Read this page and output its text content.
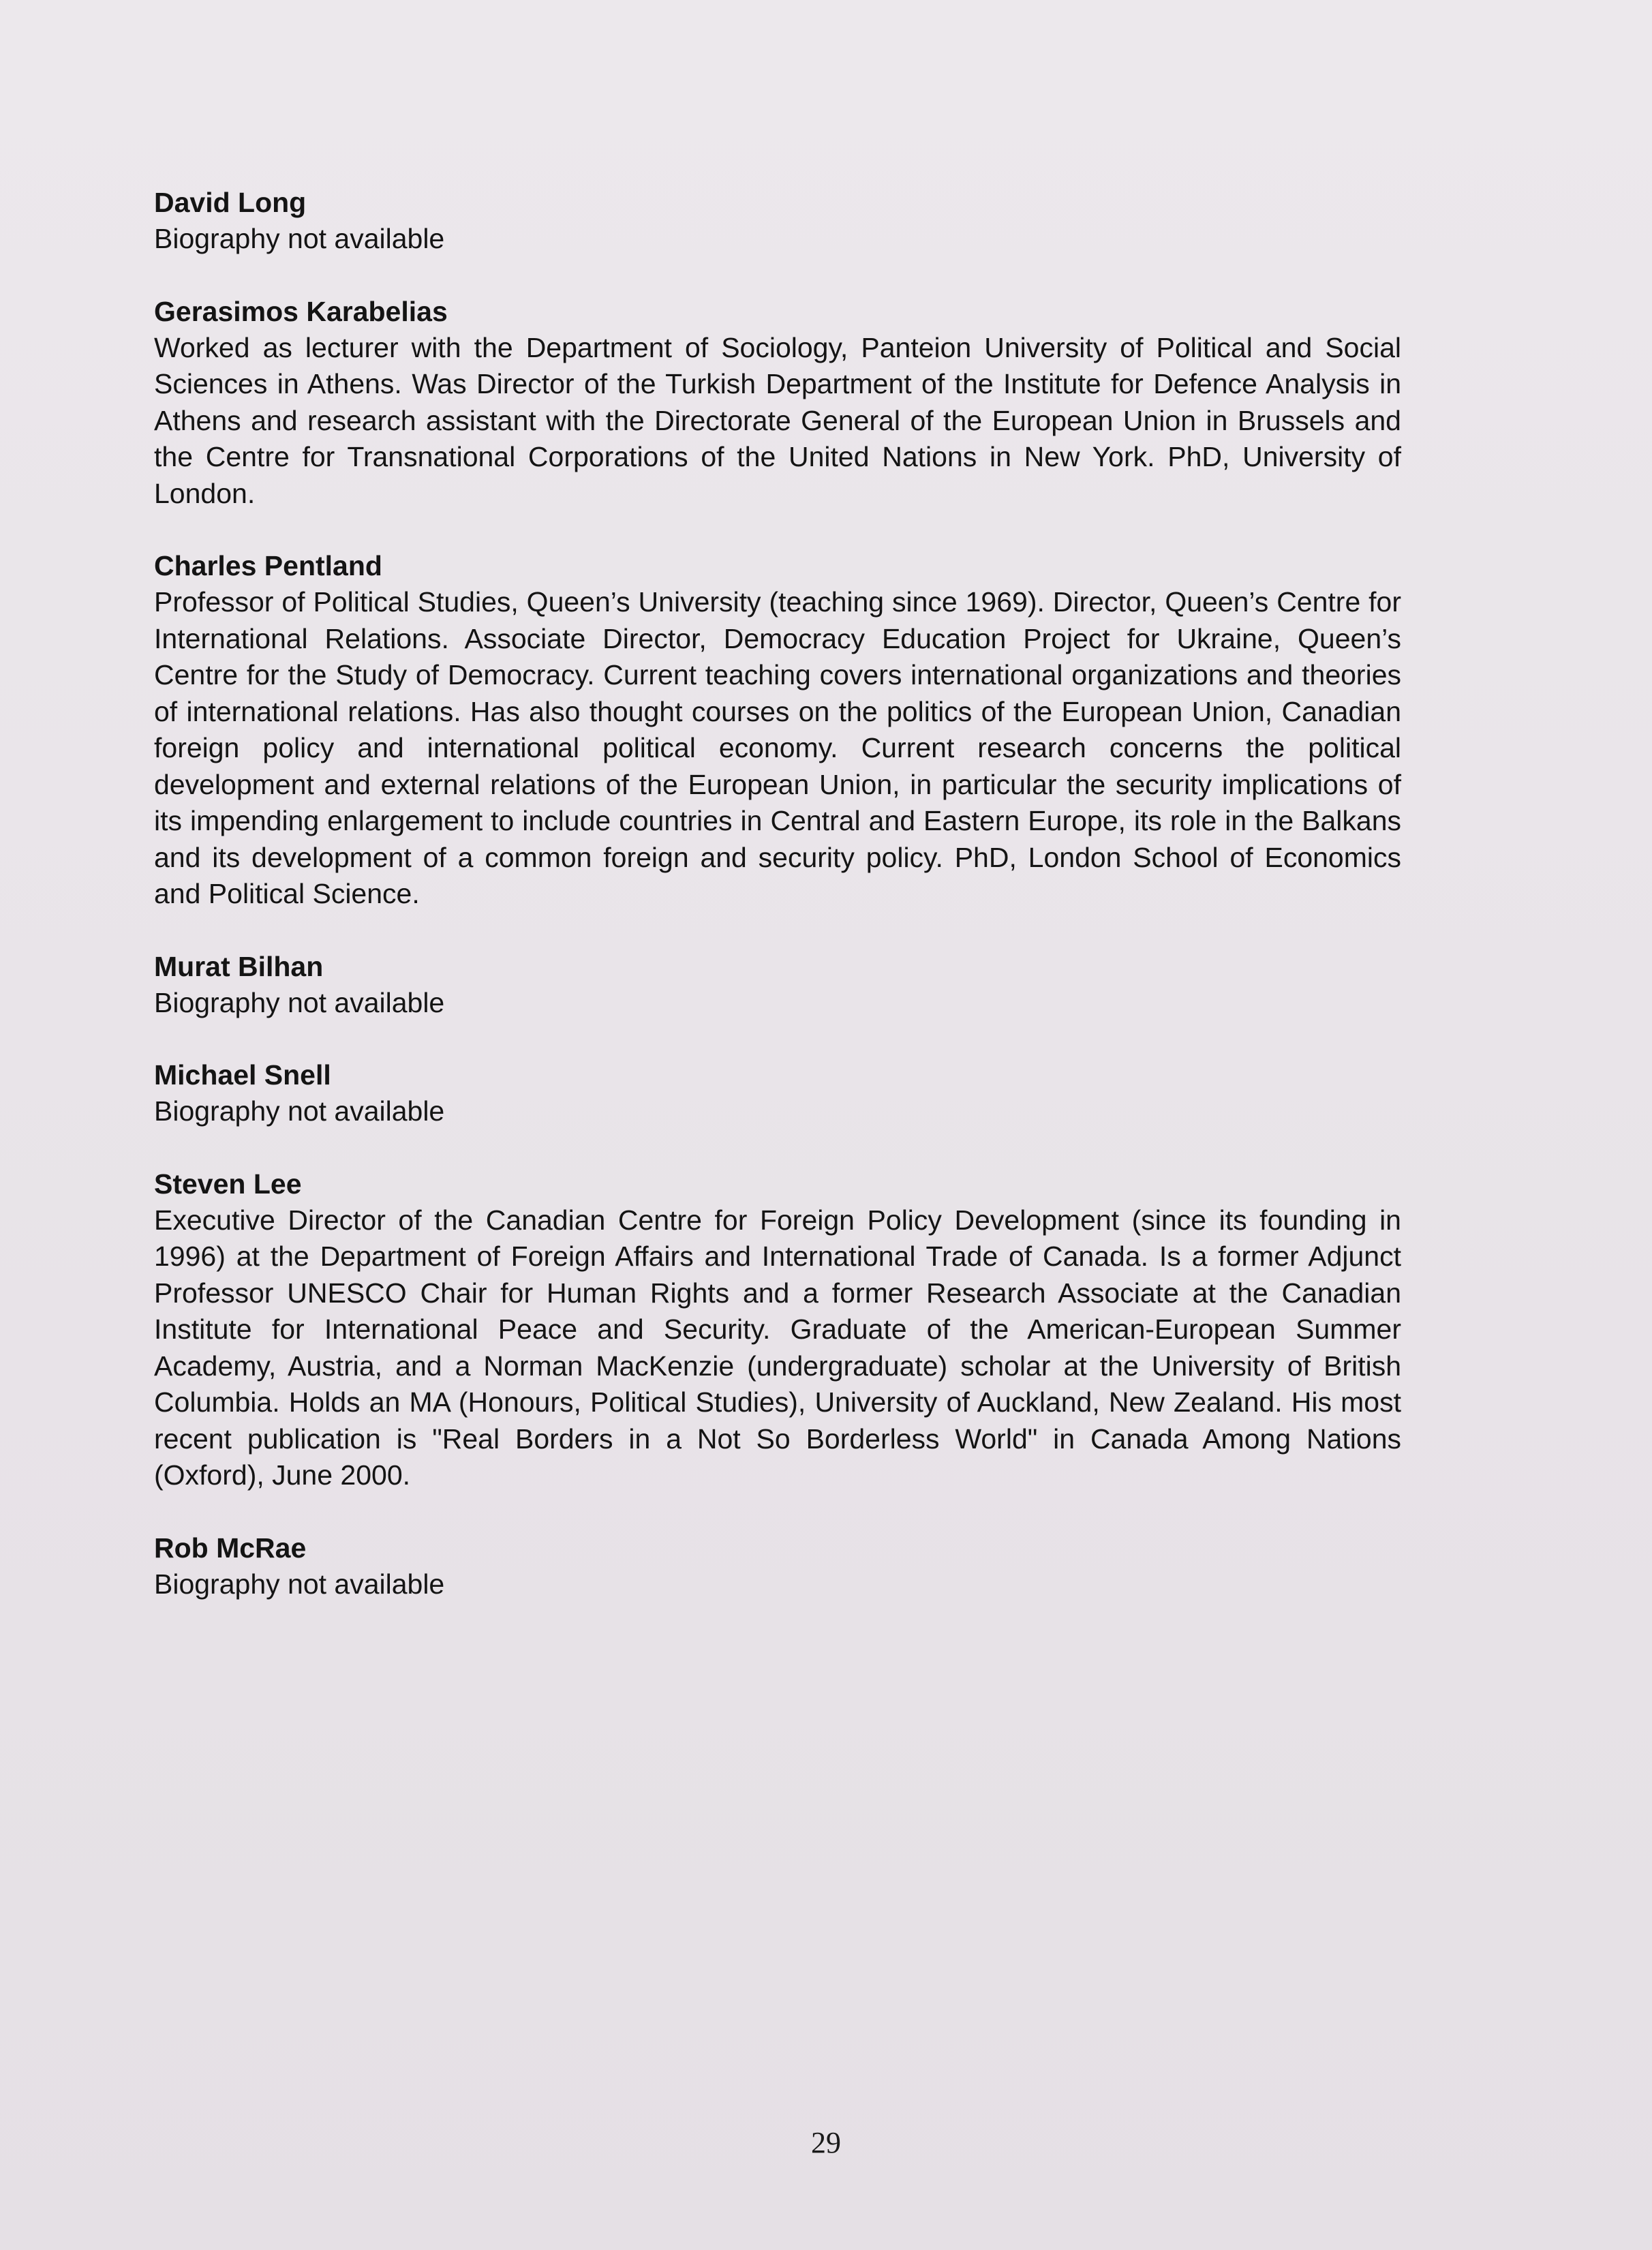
David Long

Biography not available

Gerasimos Karabelias

Worked as lecturer with the Department of Sociology, Panteion University of Political and Social Sciences in Athens. Was Director of the Turkish Department of the Institute for Defence Analysis in Athens and research assistant with the Directorate General of the European Union in Brussels and the Centre for Transnational Corporations of the United Nations in New York. PhD, University of London.

Charles Pentland

Professor of Political Studies, Queen’s University (teaching since 1969). Director, Queen’s Centre for International Relations. Associate Director, Democracy Education Project for Ukraine, Queen’s Centre for the Study of Democracy. Current teaching covers international organizations and theories of international relations. Has also thought courses on the politics of the European Union, Canadian foreign policy and international political economy. Current research concerns the political development and external relations of the European Union, in particular the security implications of its impending enlargement to include countries in Central and Eastern Europe, its role in the Balkans and its development of a common foreign and security policy. PhD, London School of Economics and Political Science.

Murat Bilhan

Biography not available

Michael Snell

Biography not available

Steven Lee

Executive Director of the Canadian Centre for Foreign Policy Development (since its founding in 1996) at the Department of Foreign Affairs and International Trade of Canada. Is a former Adjunct Professor UNESCO Chair for Human Rights and a former Research Associate at the Canadian Institute for International Peace and Security. Graduate of the American-European Summer Academy, Austria, and a Norman MacKenzie (undergraduate) scholar at the University of British Columbia. Holds an MA (Honours, Political Studies), University of Auckland, New Zealand. His most recent publication is "Real Borders in a Not So Borderless World" in Canada Among Nations (Oxford), June 2000.

Rob McRae

Biography not available

29
